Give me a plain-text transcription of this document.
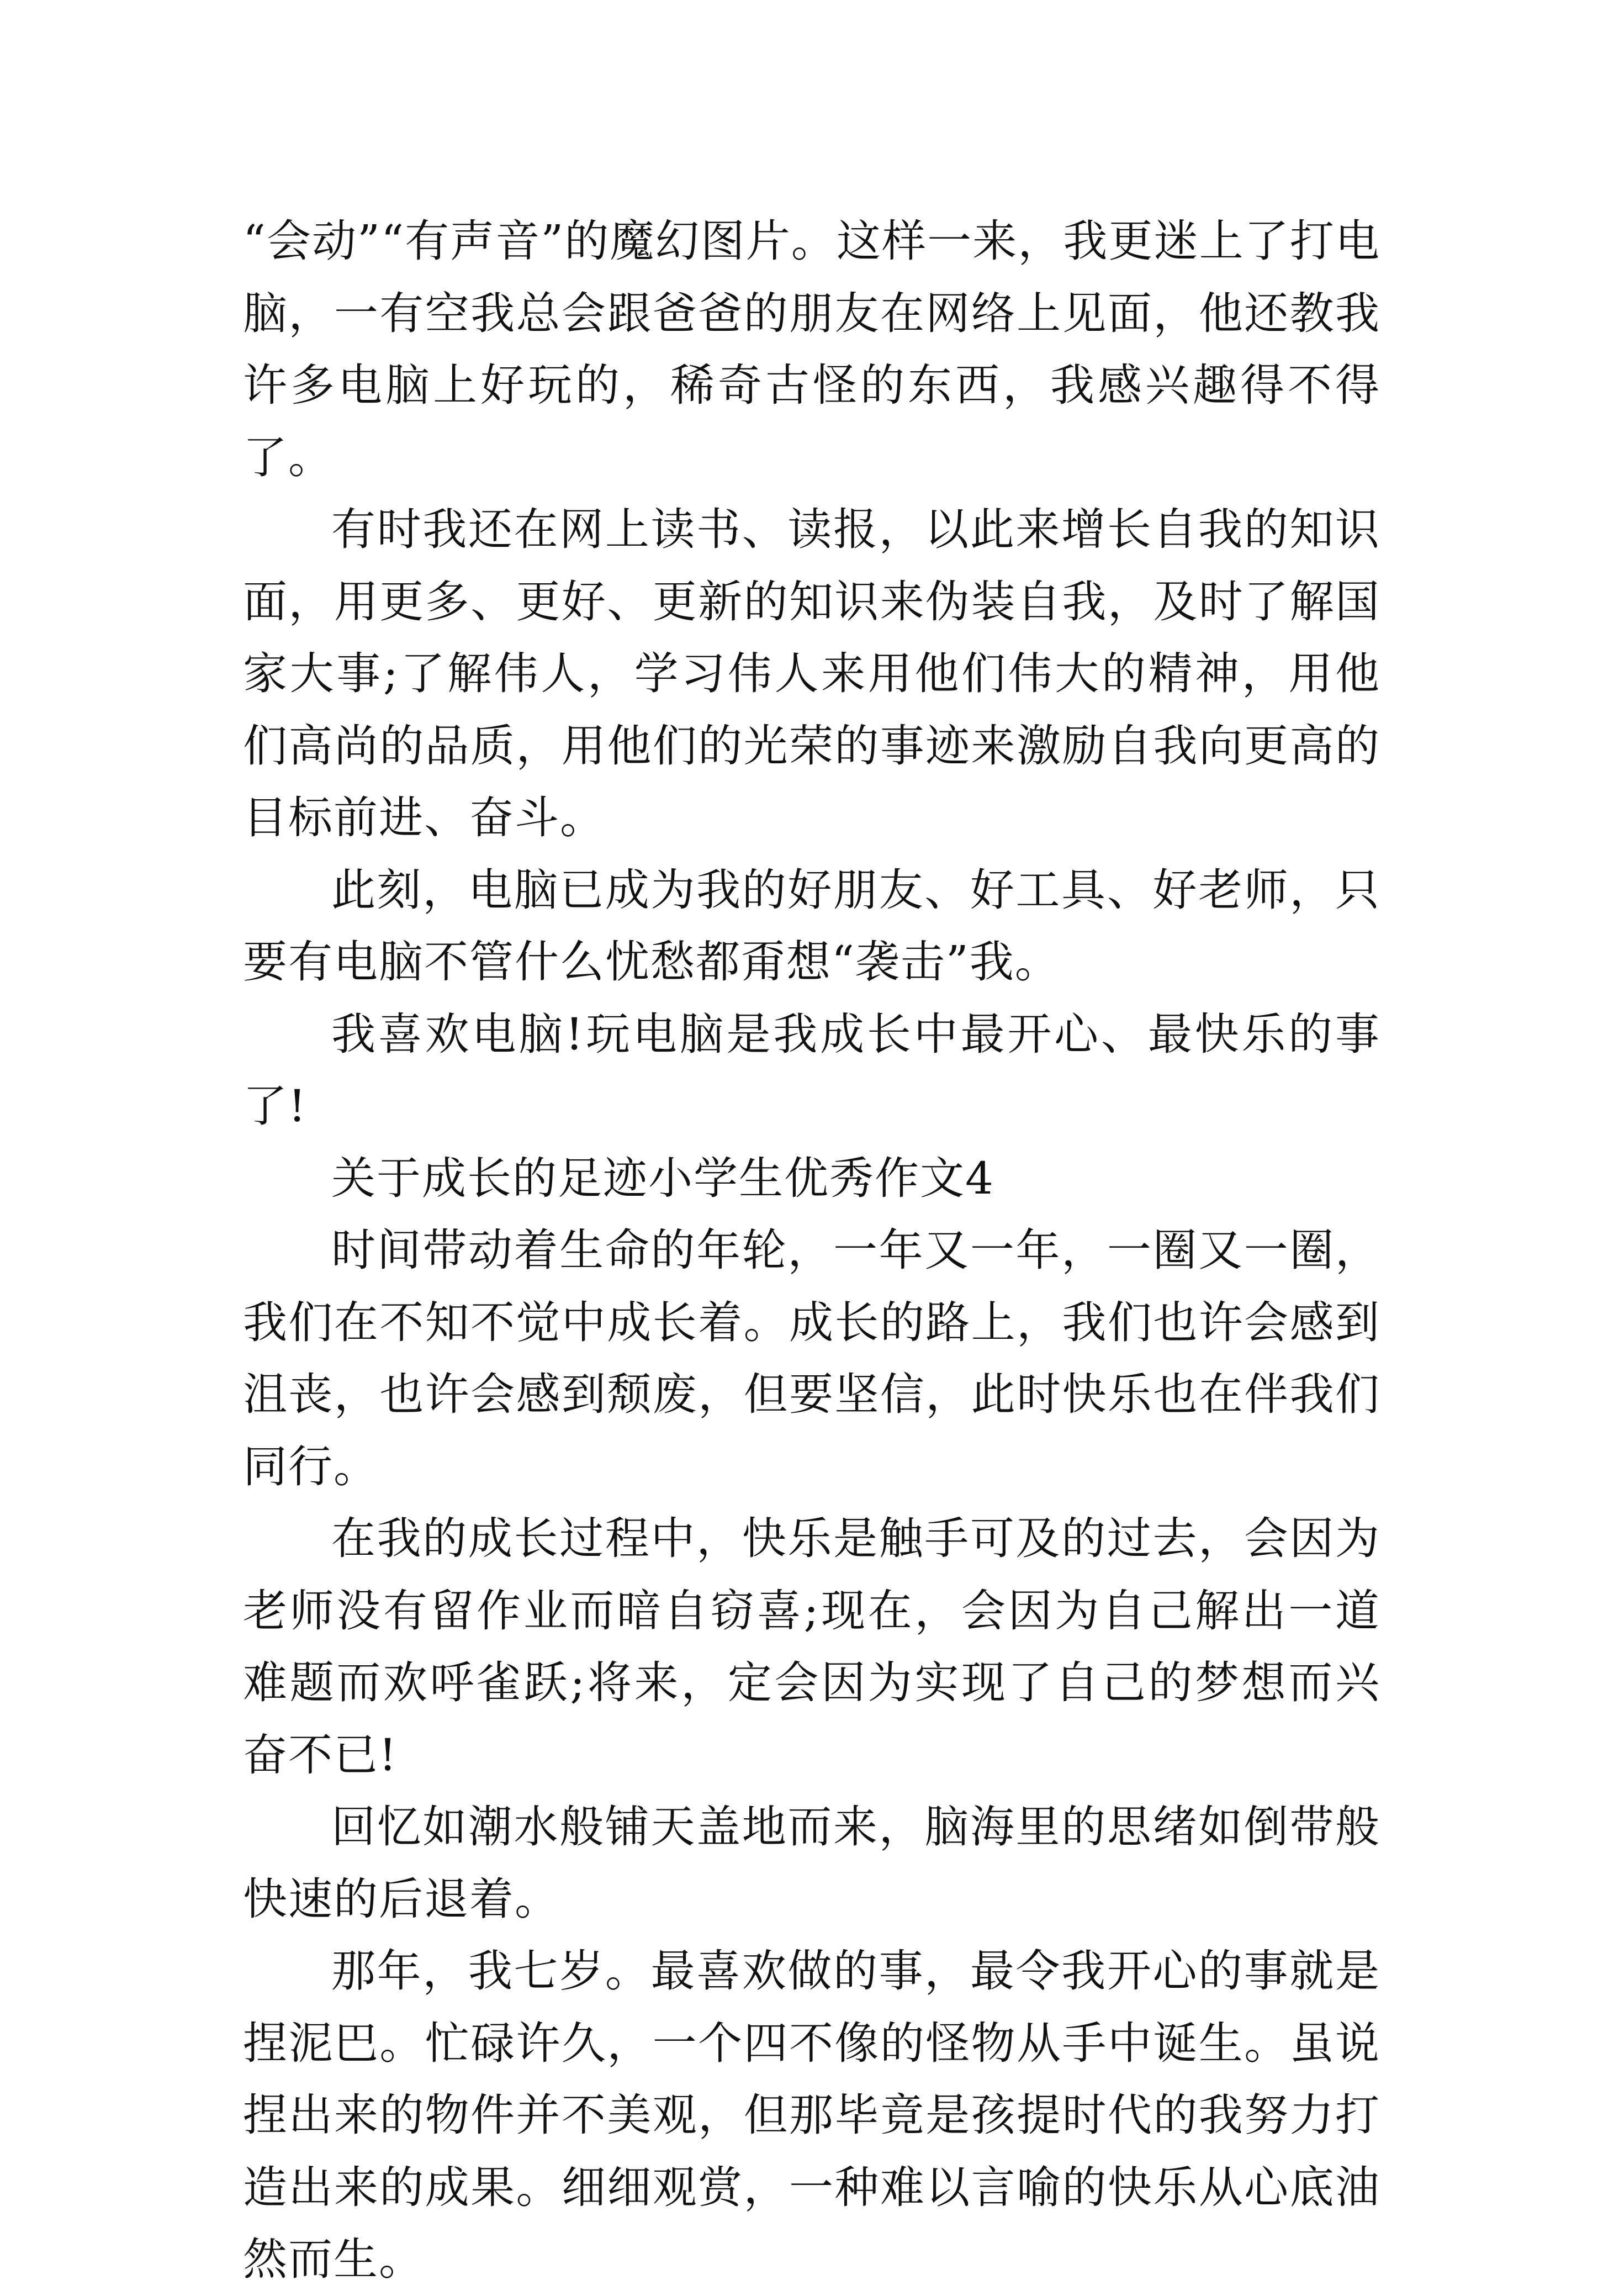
“会动”“有声音”的魔幻图片。这样一来，我更迷上了打电脑，一有空我总会跟爸爸的朋友在网络上见面，他还教我许多电脑上好玩的，稀奇古怪的东西，我感兴趣得不得了。

有时我还在网上读书、读报，以此来增长自我的知识面，用更多、更好、更新的知识来伪装自我，及时了解国家大事;了解伟人，学习伟人来用他们伟大的精神，用他们高尚的品质，用他们的光荣的事迹来激励自我向更高的目标前进、奋斗。

此刻，电脑已成为我的好朋友、好工具、好老师，只要有电脑不管什么忧愁都甭想“袭击”我。

我喜欢电脑!玩电脑是我成长中最开心、最快乐的事了!

关于成长的足迹小学生优秀作文4

时间带动着生命的年轮，一年又一年，一圈又一圈，我们在不知不觉中成长着。成长的路上，我们也许会感到沮丧，也许会感到颓废，但要坚信，此时快乐也在伴我们同行。

在我的成长过程中，快乐是触手可及的过去，会因为老师没有留作业而暗自窃喜;现在，会因为自己解出一道难题而欢呼雀跃;将来，定会因为实现了自己的梦想而兴奋不已!

回忆如潮水般铺天盖地而来，脑海里的思绪如倒带般快速的后退着。

那年，我七岁。最喜欢做的事，最令我开心的事就是捏泥巴。忙碌许久，一个四不像的怪物从手中诞生。虽说捏出来的物件并不美观，但那毕竟是孩提时代的我努力打造出来的成果。细细观赏，一种难以言喻的快乐从心底油然而生。
